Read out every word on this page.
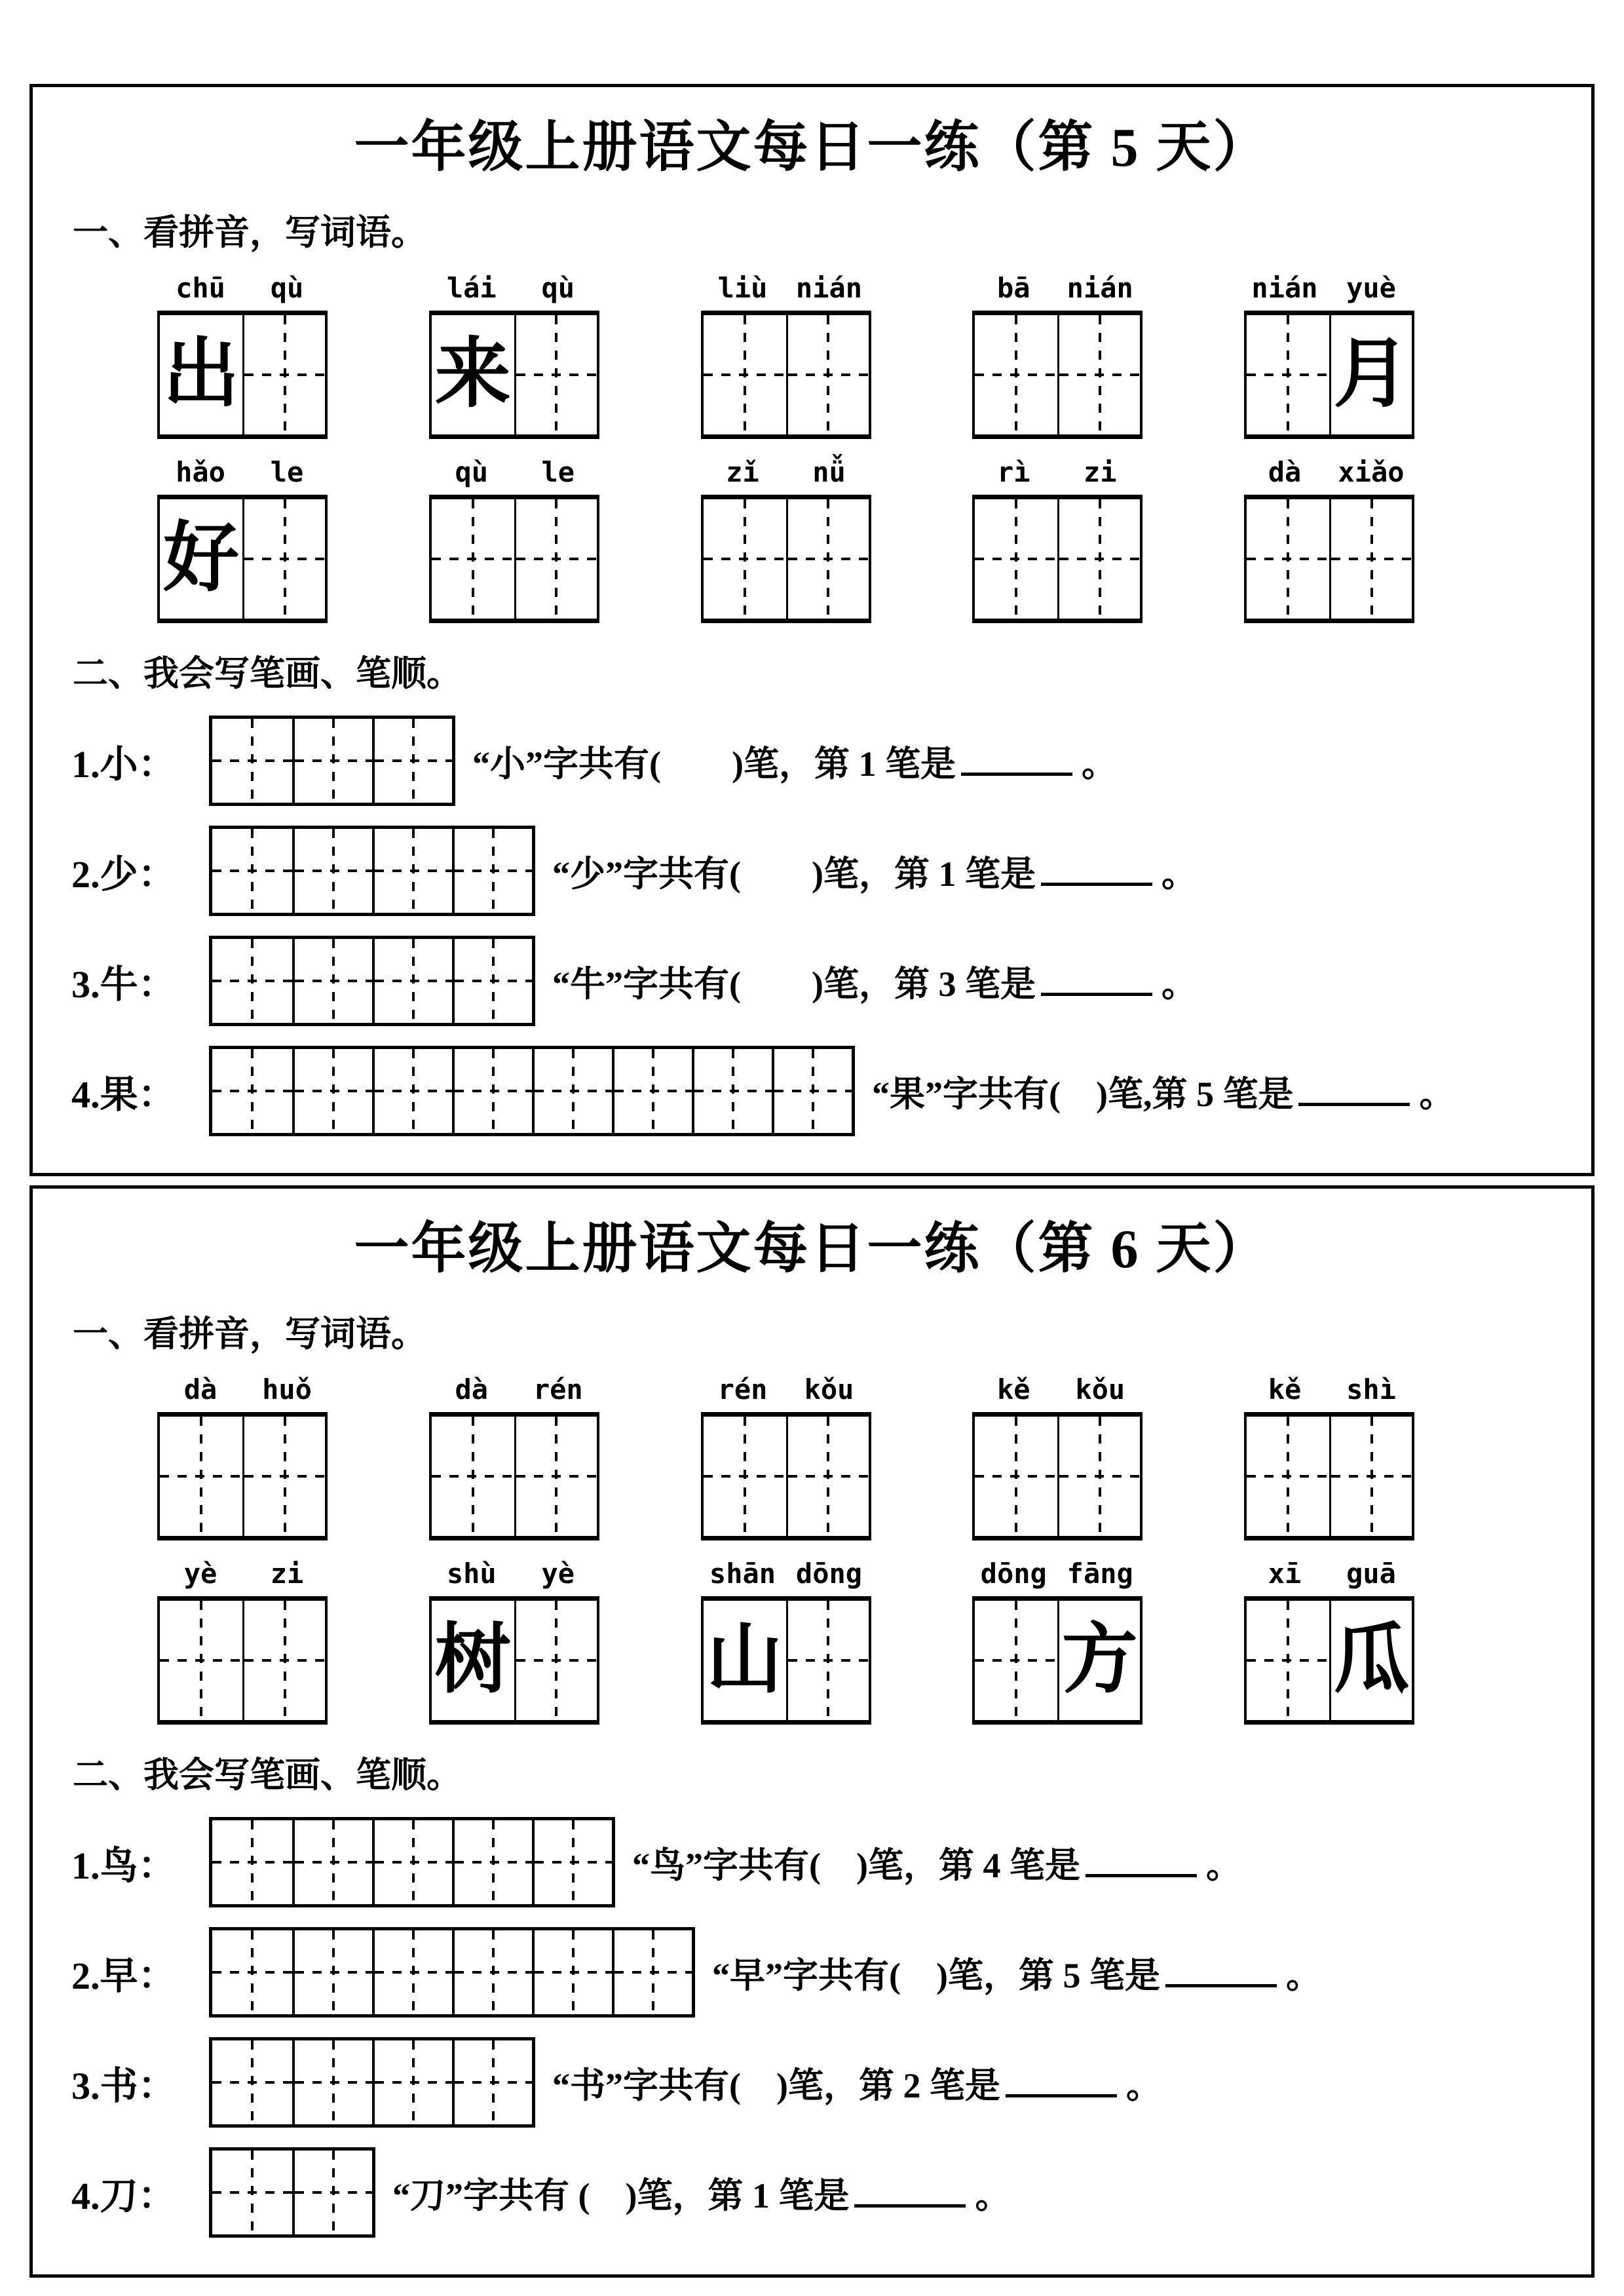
一年级上册语文每日一练（第 5 天）
一、看拼音，写词语。
chū	qù	lái	qù	liù	nián	bā	nián	nián	yuè
出	来	月
hǎo	le	qù	le	zǐ	nǚ	rì	zi	dà	xiǎo
好
二、我会写笔画、笔顺。
1.小：	“小”字共有(　　)笔，第 1 笔是	。
2.少：	“少”字共有(　　)笔，第 1 笔是	。
3.牛：	“牛”字共有(　　)笔，第 3 笔是	。
4.果：	“果”字共有(　)笔,第 5 笔是	。
一年级上册语文每日一练（第 6 天）
一、看拼音，写词语。
dà	huǒ	dà	rén	rén	kǒu	kě	kǒu	kě	shì
yè	zi	shù	yè	shān dōng	dōng fāng	xī	guā
树	山	方	瓜
二、我会写笔画、笔顺。
1.鸟：	“鸟”字共有(　)笔，第 4 笔是	。
2.早：	“早”字共有(　)笔，第 5 笔是	。
3.书：	“书”字共有(　)笔，第 2 笔是	。
4.刀：	“刀”字共有 (　)笔，第 1 笔是	。
